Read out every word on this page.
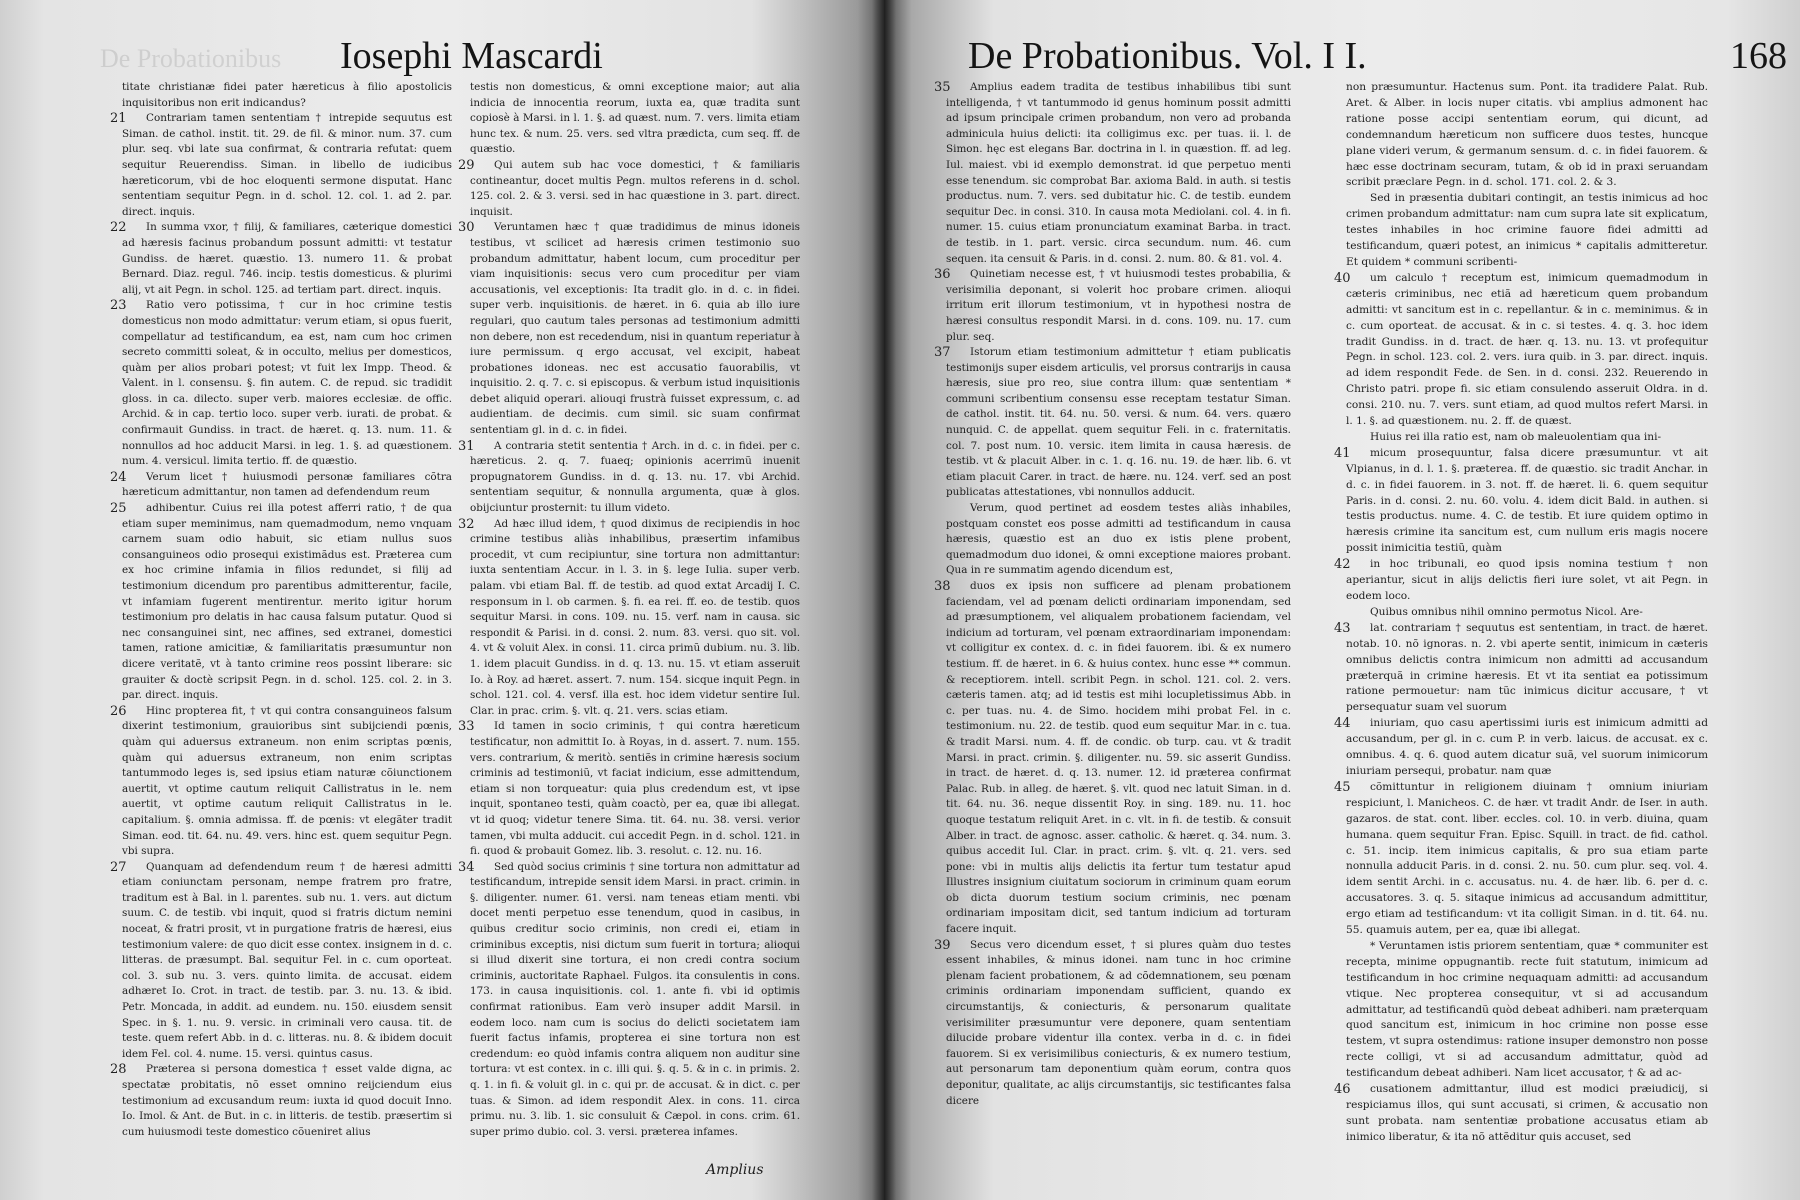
De Probationibus Iosephi Mascardi

titate christianæ fidei pater hæreticus à filio apostolicis inquisitoribus non erit indicandus?

21 Contrariam tamen sententiam † intrepide sequutus est Siman. de cathol. instit. tit. 29. de fil. & minor. num. 37. cum plur. seq. vbi late sua confirmat, & contraria refutat: quem sequitur Reuerendiss. Siman. in libello de iudicibus hæreticorum, vbi de hoc eloquenti sermone disputat. Hanc sententiam sequitur Pegn. in d. schol. 12. col. 1. ad 2. par. direct. inquis.

22 In summa vxor, † filij, & familiares, cæterique domestici ad hæresis facinus probandum possunt admitti: vt testatur Gundiss. de hæret. quæstio. 13. numero 11. & probat Bernard. Diaz. regul. 746. incip. testis domesticus. & plurimi alij, vt ait Pegn. in schol. 125. ad tertiam part. direct. inquis.

23 Ratio vero potissima, † cur in hoc crimine testis domesticus non modo admittatur: verum etiam, si opus fuerit, compellatur ad testificandum, ea est, nam cum hoc crimen secreto committi soleat, & in occulto, melius per domesticos, quàm per alios probari potest; vt fuit lex Impp. Theod. & Valent. in l. consensu. §. fin autem. C. de repud. sic tradidit gloss. in ca. dilecto. super verb. maiores ecclesiæ. de offic. Archid. & in cap. tertio loco. super verb. iurati. de probat. & confirmauit Gundiss. in tract. de hæret. q. 13. num. 11. & nonnullos ad hoc adducit Marsi. in leg. 1. §. ad quæstionem. num. 4. versicul. limita tertio. ff. de quæstio.

24 Verum licet † huiusmodi personæ familiares cõtra hæreticum admittantur, non tamen ad defendendum reum

25 adhibentur. Cuius rei illa potest afferri ratio, † de qua etiam super meminimus, nam quemadmodum, nemo vnquam carnem suam odio habuit, sic etiam nullus suos consanguineos odio prosequi existimãdus est. Præterea cum ex hoc crimine infamia in filios redundet, si filij ad testimonium dicendum pro parentibus admitterentur, facile, vt infamiam fugerent mentirentur. merito igitur horum testimonium pro delatis in hac causa falsum putatur. Quod si nec consanguinei sint, nec affines, sed extranei, domestici tamen, ratione amicitiæ, & familiaritatis præsumuntur non dicere veritatẽ, vt à tanto crimine reos possint liberare: sic grauiter & doctè scripsit Pegn. in d. schol. 125. col. 2. in 3. par. direct. inquis.

26 Hinc propterea fit, † vt qui contra consanguineos falsum dixerint testimonium, grauioribus sint subijciendi pœnis, quàm qui aduersus extraneum. non enim scriptas pœnis, quàm qui aduersus extraneum, non enim scriptas tantummodo leges is, sed ipsius etiam naturæ cõiunctionem auertit, vt optime cautum reliquit Callistratus in le. nem auertit, vt optime cautum reliquit Callistratus in le. capitalium. §. omnia admissa. ff. de pœnis: vt elegãter tradit Siman. eod. tit. 64. nu. 49. vers. hinc est. quem sequitur Pegn. vbi supra.

27 Quanquam ad defendendum reum † de hæresi admitti etiam coniunctam personam, nempe fratrem pro fratre, traditum est à Bal. in l. parentes. sub nu. 1. vers. aut dictum suum. C. de testib. vbi inquit, quod si fratris dictum nemini noceat, & fratri prosit, vt in purgatione fratris de hæresi, eius testimonium valere: de quo dicit esse contex. insignem in d. c. litteras. de præsumpt. Bal. sequitur Fel. in c. cum oporteat. col. 3. sub nu. 3. vers. quinto limita. de accusat. eidem adhæret Io. Crot. in tract. de testib. par. 3. nu. 13. & ibid. Petr. Moncada, in addit. ad eundem. nu. 150. eiusdem sensit Spec. in §. 1. nu. 9. versic. in criminali vero causa. tit. de teste. quem refert Abb. in d. c. litteras. nu. 8. & ibidem docuit idem Fel. col. 4. nume. 15. versi. quintus casus.

28 Præterea si persona domestica † esset valde digna, ac spectatæ probitatis, nõ esset omnino reijciendum eius testimonium ad excusandum reum: iuxta id quod docuit Inno. Io. Imol. & Ant. de But. in c. in litteris. de testib. præsertim si cum huiusmodi teste domestico cõueniret alius

testis non domesticus, & omni exceptione maior; aut alia indicia de innocentia reorum, iuxta ea, quæ tradita sunt copiosè à Marsi. in l. 1. §. ad quæst. num. 7. vers. limita etiam hunc tex. & num. 25. vers. sed vltra prædicta, cum seq. ff. de quæstio.

29 Qui autem sub hac voce domestici, † & familiaris contineantur, docet multis Pegn. multos referens in d. schol. 125. col. 2. & 3. versi. sed in hac quæstione in 3. part. direct. inquisit.

30 Veruntamen hæc † quæ tradidimus de minus idoneis testibus, vt scilicet ad hæresis crimen testimonio suo probandum admittatur, habent locum, cum proceditur per viam inquisitionis: secus vero cum proceditur per viam accusationis, vel exceptionis: Ita tradit glo. in d. c. in fidei. super verb. inquisitionis. de hæret. in 6. quia ab illo iure regulari, quo cautum tales personas ad testimonium admitti non debere, non est recedendum, nisi in quantum reperiatur à iure permissum. q ergo accusat, vel excipit, habeat probationes idoneas. nec est accusatio fauorabilis, vt inquisitio. 2. q. 7. c. si episcopus. & verbum istud inquisitionis debet aliquid operari. aliouqi frustrà fuisset expressum, c. ad audientiam. de decimis. cum simil. sic suam confirmat sententiam gl. in d. c. in fidei.

31 A contraria stetit sententia † Arch. in d. c. in fidei. per c. hæreticus. 2. q. 7. fuaeq; opinionis acerrimũ inuenit propugnatorem Gundiss. in d. q. 13. nu. 17. vbi Archid. sententiam sequitur, & nonnulla argumenta, quæ à glos. obijciuntur prosternit: tu illum videto.

32 Ad hæc illud idem, † quod diximus de recipiendis in hoc crimine testibus aliàs inhabilibus, præsertim infamibus procedit, vt cum recipiuntur, sine tortura non admittantur: iuxta sententiam Accur. in l. 3. in §. lege Iulia. super verb. palam. vbi etiam Bal. ff. de testib. ad quod extat Arcadij I. C. responsum in l. ob carmen. §. fi. ea rei. ff. eo. de testib. quos sequitur Marsi. in cons. 109. nu. 15. verf. nam in causa. sic respondit & Parisi. in d. consi. 2. num. 83. versi. quo sit. vol. 4. vt & voluit Alex. in consi. 11. circa primũ dubium. nu. 3. lib. 1. idem placuit Gundiss. in d. q. 13. nu. 15. vt etiam asseruit Io. à Roy. ad hæret. assert. 7. num. 154. sicque inquit Pegn. in schol. 121. col. 4. versf. illa est. hoc idem videtur sentire Iul. Clar. in prac. crim. §. vlt. q. 21. vers. scias etiam.

33 Id tamen in socio criminis, † qui contra hæreticum testificatur, non admittit Io. à Royas, in d. assert. 7. num. 155. vers. contrarium, & meritò. sentiẽs in crimine hæresis socium criminis ad testimoniũ, vt faciat indicium, esse admittendum, etiam si non torqueatur: quia plus credendum est, vt ipse inquit, spontaneo testi, quàm coactò, per ea, quæ ibi allegat. vt id quoq; videtur tenere Sima. tit. 64. nu. 38. versi. verior tamen, vbi multa adducit. cui accedit Pegn. in d. schol. 121. in fi. quod & probauit Gomez. lib. 3. resolut. c. 12. nu. 16.

34 Sed quòd socius criminis † sine tortura non admittatur ad testificandum, intrepide sensit idem Marsi. in pract. crimin. in §. diligenter. numer. 61. versi. nam teneas etiam menti. vbi docet menti perpetuo esse tenendum, quod in casibus, in quibus creditur socio criminis, non credi ei, etiam in criminibus exceptis, nisi dictum sum fuerit in tortura; alioqui si illud dixerit sine tortura, ei non credi contra socium criminis, auctoritate Raphael. Fulgos. ita consulentis in cons. 173. in causa inquisitionis. col. 1. ante fi. vbi id optimis confirmat rationibus. Eam verò insuper addit Marsil. in eodem loco. nam cum is socius do delicti societatem iam fuerit factus infamis, propterea ei sine tortura non est credendum: eo quòd infamis contra aliquem non auditur sine tortura: vt est contex. in c. illi qui. §. q. 5. & in c. in primis. 2. q. 1. in fi. & voluit gl. in c. qui pr. de accusat. & in dict. c. per tuas. & Simon. ad idem respondit Alex. in cons. 11. circa primu. nu. 3. lib. 1. sic consuluit & Cæpol. in cons. crim. 61. super primo dubio. col. 3. versi. præterea infames.

Amplius
De Probationibus. Vol. I I.	168

35 Amplius eadem tradita de testibus inhabilibus tibi sunt intelligenda, † vt tantummodo id genus hominum possit admitti ad ipsum principale crimen probandum, non vero ad probanda adminicula huius delicti: ita colligimus exc. per tuas. ii. l. de Simon. hęc est elegans Bar. doctrina in l. in quæstion. ff. ad leg. Iul. maiest. vbi id exemplo demonstrat. id que perpetuo menti esse tenendum. sic comprobat Bar. axioma Bald. in auth. si testis productus. num. 7. vers. sed dubitatur hic. C. de testib. eundem sequitur Dec. in consi. 310. In causa mota Mediolani. col. 4. in fi. numer. 15. cuius etiam pronunciatum examinat Barba. in tract. de testib. in 1. part. versic. circa secundum. num. 46. cum sequen. ita censuit & Paris. in d. consi. 2. num. 80. & 81. vol. 4.

36 Quinetiam necesse est, † vt huiusmodi testes probabilia, & verisimilia deponant, si volerit hoc probare crimen. alioqui irritum erit illorum testimonium, vt in hypothesi nostra de hæresi consultus respondit Marsi. in d. cons. 109. nu. 17. cum plur. seq.

37 Istorum etiam testimonium admittetur † etiam publicatis testimonijs super eisdem articulis, vel prorsus contrarijs in causa hæresis, siue pro reo, siue contra illum: quæ sententiam * communi scribentium consensu esse receptam testatur Siman. de cathol. instit. tit. 64. nu. 50. versi. & num. 64. vers. quæro nunquid. C. de appellat. quem sequitur Feli. in c. fraternitatis. col. 7. post num. 10. versic. item limita in causa hæresis. de testib. vt & placuit Alber. in c. 1. q. 16. nu. 19. de hær. lib. 6. vt etiam placuit Carer. in tract. de hære. nu. 124. verf. sed an post publicatas attestationes, vbi nonnullos adducit.

Verum, quod pertinet ad eosdem testes aliàs inhabiles, postquam constet eos posse admitti ad testificandum in causa hæresis, quæstio est an duo ex istis plene probent, quemadmodum duo idonei, & omni exceptione maiores probant. Qua in re summatim agendo dicendum est,

38 duos ex ipsis non sufficere ad plenam probationem faciendam, vel ad pœnam delicti ordinariam imponendam, sed ad præsumptionem, vel aliqualem probationem faciendam, vel indicium ad torturam, vel pœnam extraordinariam imponendam: vt colligitur ex contex. d. c. in fidei fauorem. ibi. & ex numero testium. ff. de hæret. in 6. & huius contex. hunc esse ** commun. & receptiorem. intell. scribit Pegn. in schol. 121. col. 2. vers. cæteris tamen. atq; ad id testis est mihi locupletissimus Abb. in c. per tuas. nu. 4. de Simo. hocidem mihi probat Fel. in c. testimonium. nu. 22. de testib. quod eum sequitur Mar. in c. tua. & tradit Marsi. num. 4. ff. de condic. ob turp. cau. vt & tradit Marsi. in pract. crimin. §. diligenter. nu. 59. sic asserit Gundiss. in tract. de hæret. d. q. 13. numer. 12. id præterea confirmat Palac. Rub. in alleg. de hæret. §. vlt. quod nec latuit Siman. in d. tit. 64. nu. 36. neque dissentit Roy. in sing. 189. nu. 11. hoc quoque testatum reliquit Aret. in c. vlt. in fi. de testib. & consuit Alber. in tract. de agnosc. asser. catholic. & hæret. q. 34. num. 3. quibus accedit Iul. Clar. in pract. crim. §. vlt. q. 21. vers. sed pone: vbi in multis alijs delictis ita fertur tum testatur apud Illustres insignium ciuitatum sociorum in criminum quam eorum ob dicta duorum testium socium criminis, nec pœnam ordinariam impositam dicit, sed tantum indicium ad torturam facere inquit.

39 Secus vero dicendum esset, † si plures quàm duo testes essent inhabiles, & minus idonei. nam tunc in hoc crimine plenam facient probationem, & ad cõdemnationem, seu pœnam criminis ordinariam imponendam sufficient, quando ex circumstantijs, & coniecturis, & personarum qualitate verisimiliter præsumuntur vere deponere, quam sententiam dilucide probare videntur illa contex. verba in d. c. in fidei fauorem. Si ex verisimilibus coniecturis, & ex numero testium, aut personarum tam deponentium quàm eorum, contra quos deponitur, qualitate, ac alijs circumstantijs, sic testificantes falsa dicere

non præsumuntur. Hactenus sum. Pont. ita tradidere Palat. Rub. Aret. & Alber. in locis nuper citatis. vbi amplius admonent hac ratione posse accipi sententiam eorum, qui dicunt, ad condemnandum hæreticum non sufficere duos testes, huncque plane videri verum, & germanum sensum. d. c. in fidei fauorem. & hæc esse doctrinam securam, tutam, & ob id in praxi seruandam scribit præclare Pegn. in d. schol. 171. col. 2. & 3.

Sed in præsentia dubitari contingit, an testis inimicus ad hoc crimen probandum admittatur: nam cum supra late sit explicatum, testes inhabiles in hoc crimine fauore fidei admitti ad testificandum, quæri potest, an inimicus * capitalis admitteretur. Et quidem * communi scribenti-

40 um calculo † receptum est, inimicum quemadmodum in cæteris criminibus, nec etiã ad hæreticum quem probandum admitti: vt sancitum est in c. repellantur. & in c. meminimus. & in c. cum oporteat. de accusat. & in c. si testes. 4. q. 3. hoc idem tradit Gundiss. in d. tract. de hær. q. 13. nu. 13. vt profequitur Pegn. in schol. 123. col. 2. vers. iura quib. in 3. par. direct. inquis. ad idem respondit Fede. de Sen. in d. consi. 232. Reuerendo in Christo patri. prope fi. sic etiam consulendo asseruit Oldra. in d. consi. 210. nu. 7. vers. sunt etiam, ad quod multos refert Marsi. in l. 1. §. ad quæstionem. nu. 2. ff. de quæst.

Huius rei illa ratio est, nam ob maleuolentiam qua ini-

41 micum prosequuntur, falsa dicere præsumuntur. vt ait Vlpianus, in d. l. 1. §. præterea. ff. de quæstio. sic tradit Anchar. in d. c. in fidei fauorem. in 3. not. ff. de hæret. li. 6. quem sequitur Paris. in d. consi. 2. nu. 60. volu. 4. idem dicit Bald. in authen. si testis productus. nume. 4. C. de testib. Et iure quidem optimo in hæresis crimine ita sancitum est, cum nullum eris magis nocere possit inimicitia testiũ, quàm

42 in hoc tribunali, eo quod ipsis nomina testium † non aperiantur, sicut in alijs delictis fieri iure solet, vt ait Pegn. in eodem loco.

Quibus omnibus nihil omnino permotus Nicol. Are-

43 lat. contrariam † sequutus est sententiam, in tract. de hæret. notab. 10. nõ ignoras. n. 2. vbi aperte sentit, inimicum in cæteris omnibus delictis contra inimicum non admitti ad accusandum præterquã in crimine hæresis. Et vt ita sentiat ea potissimum ratione permouetur: nam tũc inimicus dicitur accusare, † vt persequatur suam vel suorum

44 iniuriam, quo casu apertissimi iuris est inimicum admitti ad accusandum, per gl. in c. cum P. in verb. laicus. de accusat. ex c. omnibus. 4. q. 6. quod autem dicatur suã, vel suorum inimicorum iniuriam persequi, probatur. nam quæ

45 cõmittuntur in religionem diuinam † omnium iniuriam respiciunt, l. Manicheos. C. de hær. vt tradit Andr. de Iser. in auth. gazaros. de stat. cont. liber. eccles. col. 10. in verb. diuina, quam humana. quem sequitur Fran. Episc. Squill. in tract. de fid. cathol. c. 51. incip. item inimicus capitalis, & pro sua etiam parte nonnulla adducit Paris. in d. consi. 2. nu. 50. cum plur. seq. vol. 4. idem sentit Archi. in c. accusatus. nu. 4. de hær. lib. 6. per d. c. accusatores. 3. q. 5. sitaque inimicus ad accusandum admittitur, ergo etiam ad testificandum: vt ita colligit Siman. in d. tit. 64. nu. 55. quamuis autem, per ea, quæ ibi allegat.

* Veruntamen istis priorem sententiam, quæ * communiter est recepta, minime oppugnantib. recte fuit statutum, inimicum ad testificandum in hoc crimine nequaquam admitti: ad accusandum vtique. Nec propterea consequitur, vt si ad accusandum admittatur, ad testificandũ quòd debeat adhiberi. nam præterquam quod sancitum est, inimicum in hoc crimine non posse esse testem, vt supra ostendimus: ratione insuper demonstro non posse recte colligi, vt si ad accusandum admittatur, quòd ad testificandum debeat adhiberi. Nam licet accusator, † & ad ac-

46 cusationem admittantur, illud est modici præiudicij, si respiciamus illos, qui sunt accusati, si crimen, & accusatio non sunt probata. nam sententiæ probatione accusatus etiam ab inimico liberatur, & ita nõ attẽditur quis accuset, sed
